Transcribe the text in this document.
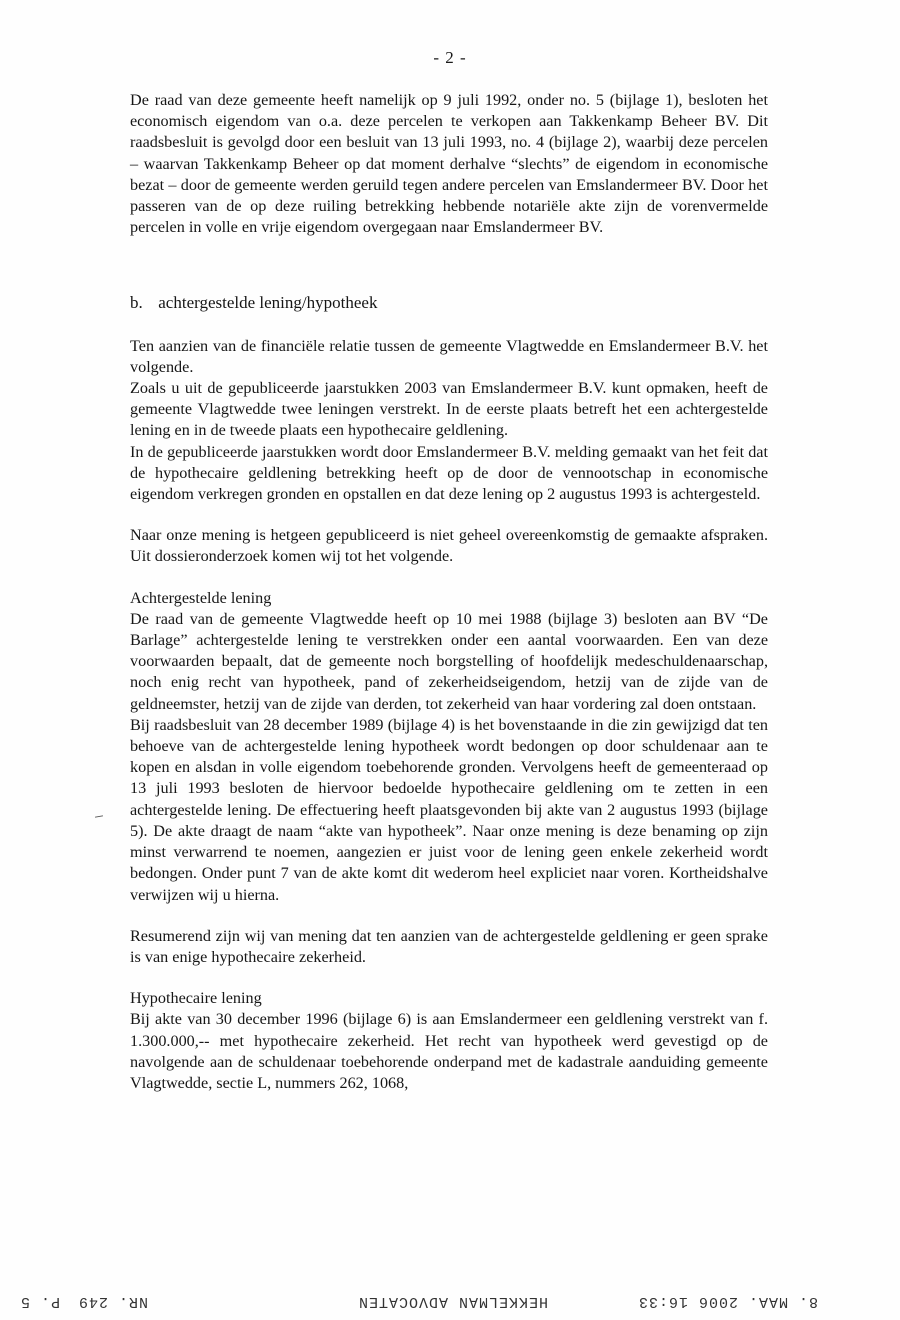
- 2 -

De raad van deze gemeente heeft namelijk op 9 juli 1992, onder no. 5 (bijlage 1), besloten het economisch eigendom van o.a. deze percelen te verkopen aan Takkenkamp Beheer BV. Dit raadsbesluit is gevolgd door een besluit van 13 juli 1993, no. 4 (bijlage 2), waarbij deze percelen – waarvan Takkenkamp Beheer op dat moment derhalve “slechts” de eigendom in economische bezat – door de gemeente werden geruild tegen andere percelen van Emslandermeer BV. Door het passeren van de op deze ruiling betrekking hebbende notariële akte zijn de vorenvermelde percelen in volle en vrije eigendom overgegaan naar Emslandermeer BV.

b. achtergestelde lening/hypotheek

Ten aanzien van de financiële relatie tussen de gemeente Vlagtwedde en Emslandermeer B.V. het volgende.

Zoals u uit de gepubliceerde jaarstukken 2003 van Emslandermeer B.V. kunt opmaken, heeft de gemeente Vlagtwedde twee leningen verstrekt. In de eerste plaats betreft het een achtergestelde lening en in de tweede plaats een hypothecaire geldlening.

In de gepubliceerde jaarstukken wordt door Emslandermeer B.V. melding gemaakt van het feit dat de hypothecaire geldlening betrekking heeft op de door de vennootschap in economische eigendom verkregen gronden en opstallen en dat deze lening op 2 augustus 1993 is achtergesteld.

Naar onze mening is hetgeen gepubliceerd is niet geheel overeenkomstig de gemaakte afspraken. Uit dossieronderzoek komen wij tot het volgende.

Achtergestelde lening

De raad van de gemeente Vlagtwedde heeft op 10 mei 1988 (bijlage 3) besloten aan BV “De Barlage” achtergestelde lening te verstrekken onder een aantal voorwaarden. Een van deze voorwaarden bepaalt, dat de gemeente noch borgstelling of hoofdelijk medeschuldenaarschap, noch enig recht van hypotheek, pand of zekerheidseigendom, hetzij van de zijde van de geldneemster, hetzij van de zijde van derden, tot zekerheid van haar vordering zal doen ontstaan.

Bij raadsbesluit van 28 december 1989 (bijlage 4) is het bovenstaande in die zin gewijzigd dat ten behoeve van de achtergestelde lening hypotheek wordt bedongen op door schuldenaar aan te kopen en alsdan in volle eigendom toebehorende gronden. Vervolgens heeft de gemeenteraad op 13 juli 1993 besloten de hiervoor bedoelde hypothecaire geldlening om te zetten in een achtergestelde lening. De effectuering heeft plaatsgevonden bij akte van 2 augustus 1993 (bijlage 5). De akte draagt de naam “akte van hypotheek”. Naar onze mening is deze benaming op zijn minst verwarrend te noemen, aangezien er juist voor de lening geen enkele zekerheid wordt bedongen. Onder punt 7 van de akte komt dit wederom heel expliciet naar voren. Kortheidshalve verwijzen wij u hierna.

Resumerend zijn wij van mening dat ten aanzien van de achtergestelde geldlening er geen sprake is van enige hypothecaire zekerheid.

Hypothecaire lening

Bij akte van 30 december 1996 (bijlage 6) is aan Emslandermeer een geldlening verstrekt van f. 1.300.000,-- met hypothecaire zekerheid. Het recht van hypotheek werd gevestigd op de navolgende aan de schuldenaar toebehorende onderpand met de kadastrale aanduiding gemeente Vlagtwedde, sectie L, nummers 262, 1068,

8. MAA. 2006 16:33
HEKKELMAN ADVOCATEN
NR. 249
P. 5
